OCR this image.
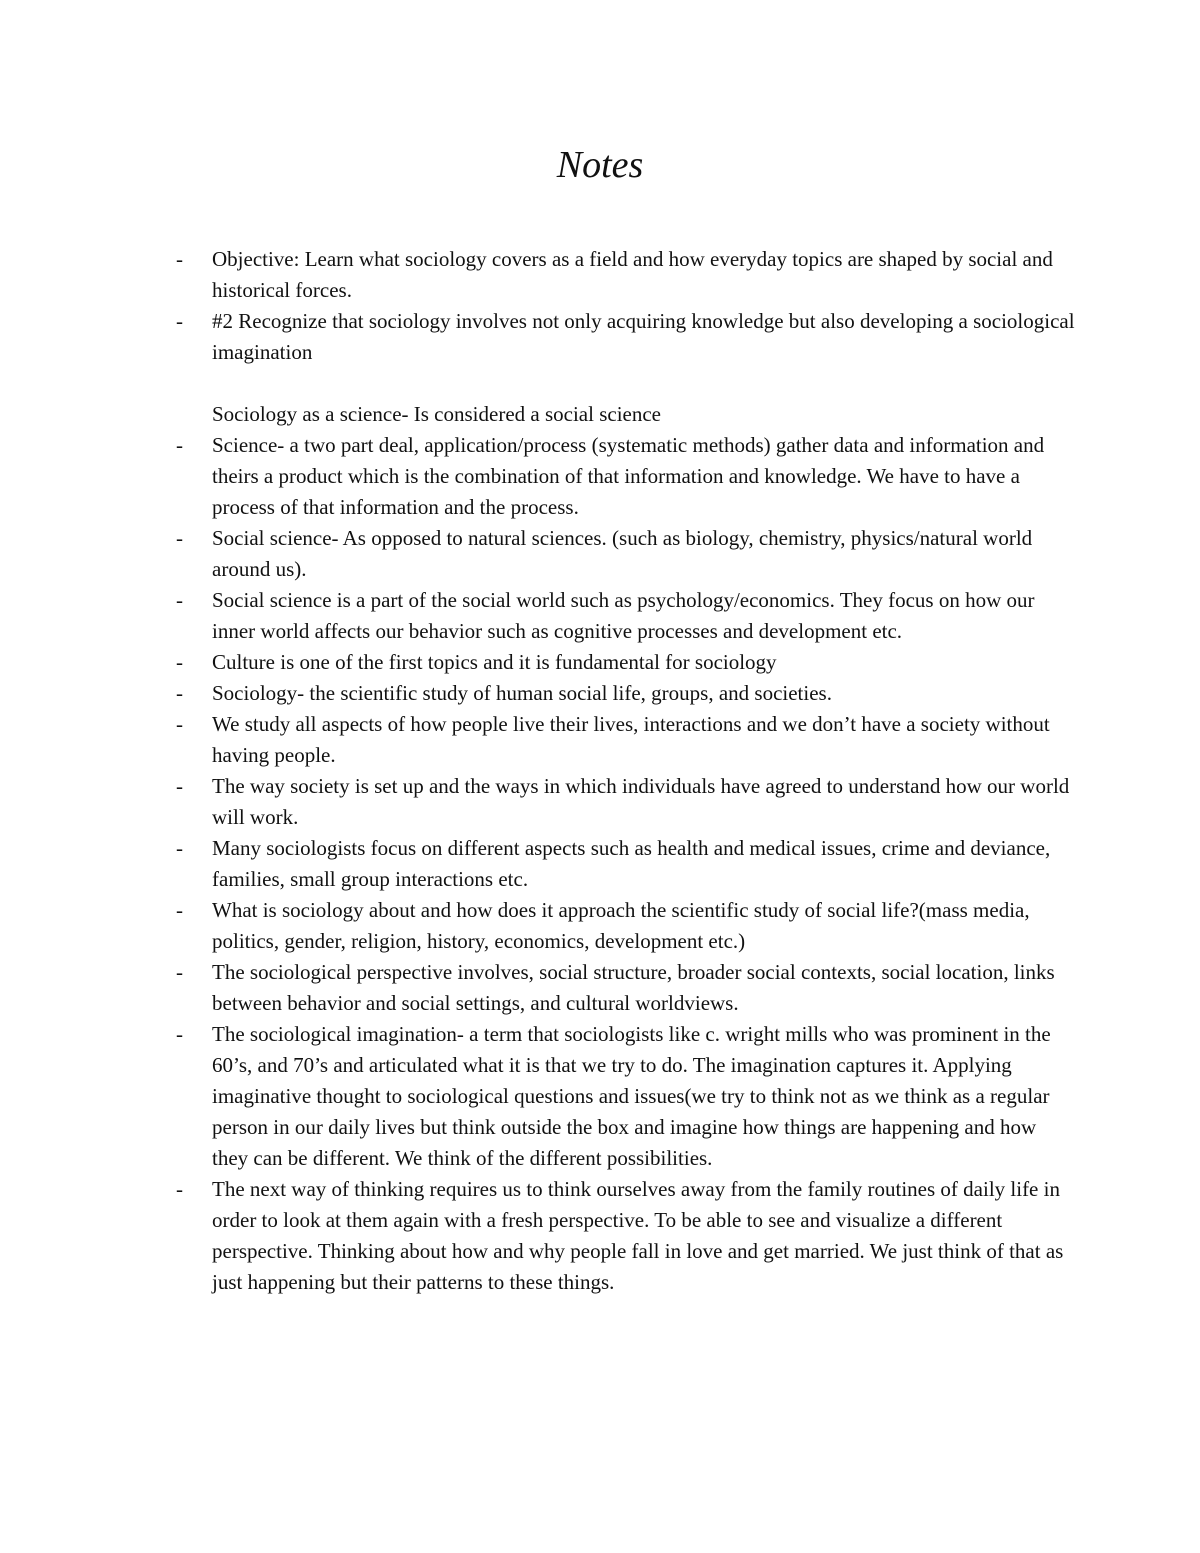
Notes
- Objective: Learn what sociology covers as a field and how everyday topics are shaped by social and historical forces.
- #2 Recognize that sociology involves not only acquiring knowledge but also developing a sociological imagination

Sociology as a science- Is considered a social science

- Science- a two part deal, application/process (systematic methods) gather data and information and theirs a product which is the combination of that information and knowledge. We have to have a process of that information and the process.
- Social science- As opposed to natural sciences. (such as biology, chemistry, physics/natural world around us).
- Social science is a part of the social world such as psychology/economics. They focus on how our inner world affects our behavior such as cognitive processes and development etc.
- Culture is one of the first topics and it is fundamental for sociology
- Sociology- the scientific study of human social life, groups, and societies.
- We study all aspects of how people live their lives, interactions and we don’t have a society without having people.
- The way society is set up and the ways in which individuals have agreed to understand how our world will work.
- Many sociologists focus on different aspects such as health and medical issues, crime and deviance, families, small group interactions etc.
- What is sociology about and how does it approach the scientific study of social life?(mass media, politics, gender, religion, history, economics, development etc.)
- The sociological perspective involves, social structure, broader social contexts, social location, links between behavior and social settings, and cultural worldviews.
- The sociological imagination- a term that sociologists like c. wright mills who was prominent in the 60’s, and 70’s and articulated what it is that we try to do. The imagination captures it. Applying imaginative thought to sociological questions and issues(we try to think not as we think as a regular person in our daily lives but think outside the box and imagine how things are happening and how they can be different. We think of the different possibilities.
- The next way of thinking requires us to think ourselves away from the family routines of daily life in order to look at them again with a fresh perspective. To be able to see and visualize a different perspective. Thinking about how and why people fall in love and get married. We just think of that as just happening but their patterns to these things.
